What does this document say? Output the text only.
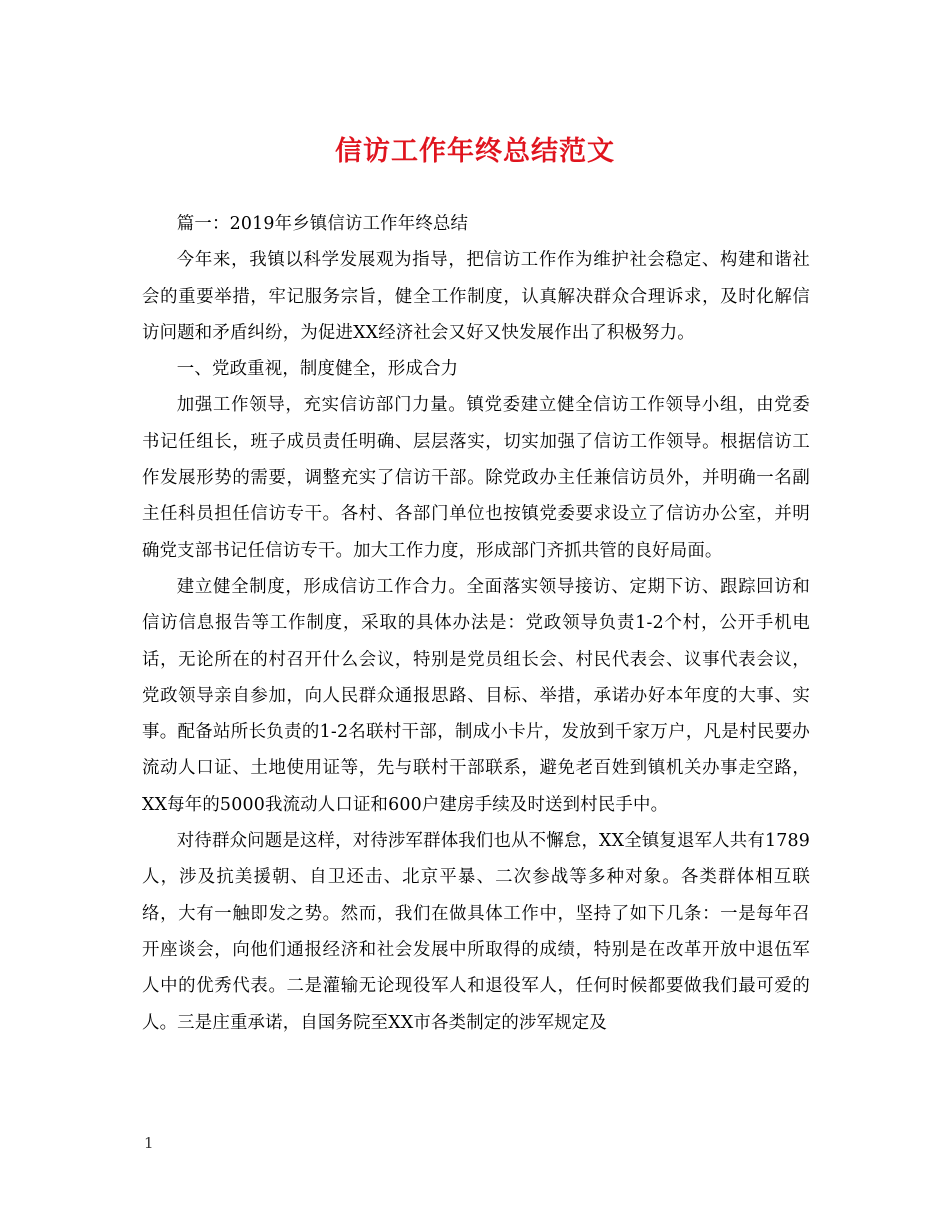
信访工作年终总结范文

篇一：2019年乡镇信访工作年终总结

今年来，我镇以科学发展观为指导，把信访工作作为维护社会稳定、构建和谐社会的重要举措，牢记服务宗旨，健全工作制度，认真解决群众合理诉求，及时化解信访问题和矛盾纠纷，为促进XX经济社会又好又快发展作出了积极努力。

一、党政重视，制度健全，形成合力

加强工作领导，充实信访部门力量。镇党委建立健全信访工作领导小组，由党委书记任组长，班子成员责任明确、层层落实，切实加强了信访工作领导。根据信访工作发展形势的需要，调整充实了信访干部。除党政办主任兼信访员外，并明确一名副主任科员担任信访专干。各村、各部门单位也按镇党委要求设立了信访办公室，并明确党支部书记任信访专干。加大工作力度，形成部门齐抓共管的良好局面。

建立健全制度，形成信访工作合力。全面落实领导接访、定期下访、跟踪回访和信访信息报告等工作制度，采取的具体办法是：党政领导负责1-2个村，公开手机电话，无论所在的村召开什么会议，特别是党员组长会、村民代表会、议事代表会议，党政领导亲自参加，向人民群众通报思路、目标、举措，承诺办好本年度的大事、实事。配备站所长负责的1-2名联村干部，制成小卡片，发放到千家万户，凡是村民要办流动人口证、土地使用证等，先与联村干部联系，避免老百姓到镇机关办事走空路，XX每年的5000我流动人口证和600户建房手续及时送到村民手中。

对待群众问题是这样，对待涉军群体我们也从不懈怠，XX全镇复退军人共有1789人，涉及抗美援朝、自卫还击、北京平暴、二次参战等多种对象。各类群体相互联络，大有一触即发之势。然而，我们在做具体工作中，坚持了如下几条：一是每年召开座谈会，向他们通报经济和社会发展中所取得的成绩，特别是在改革开放中退伍军人中的优秀代表。二是灌输无论现役军人和退役军人，任何时候都要做我们最可爱的人。三是庄重承诺，自国务院至XX市各类制定的涉军规定及

1
